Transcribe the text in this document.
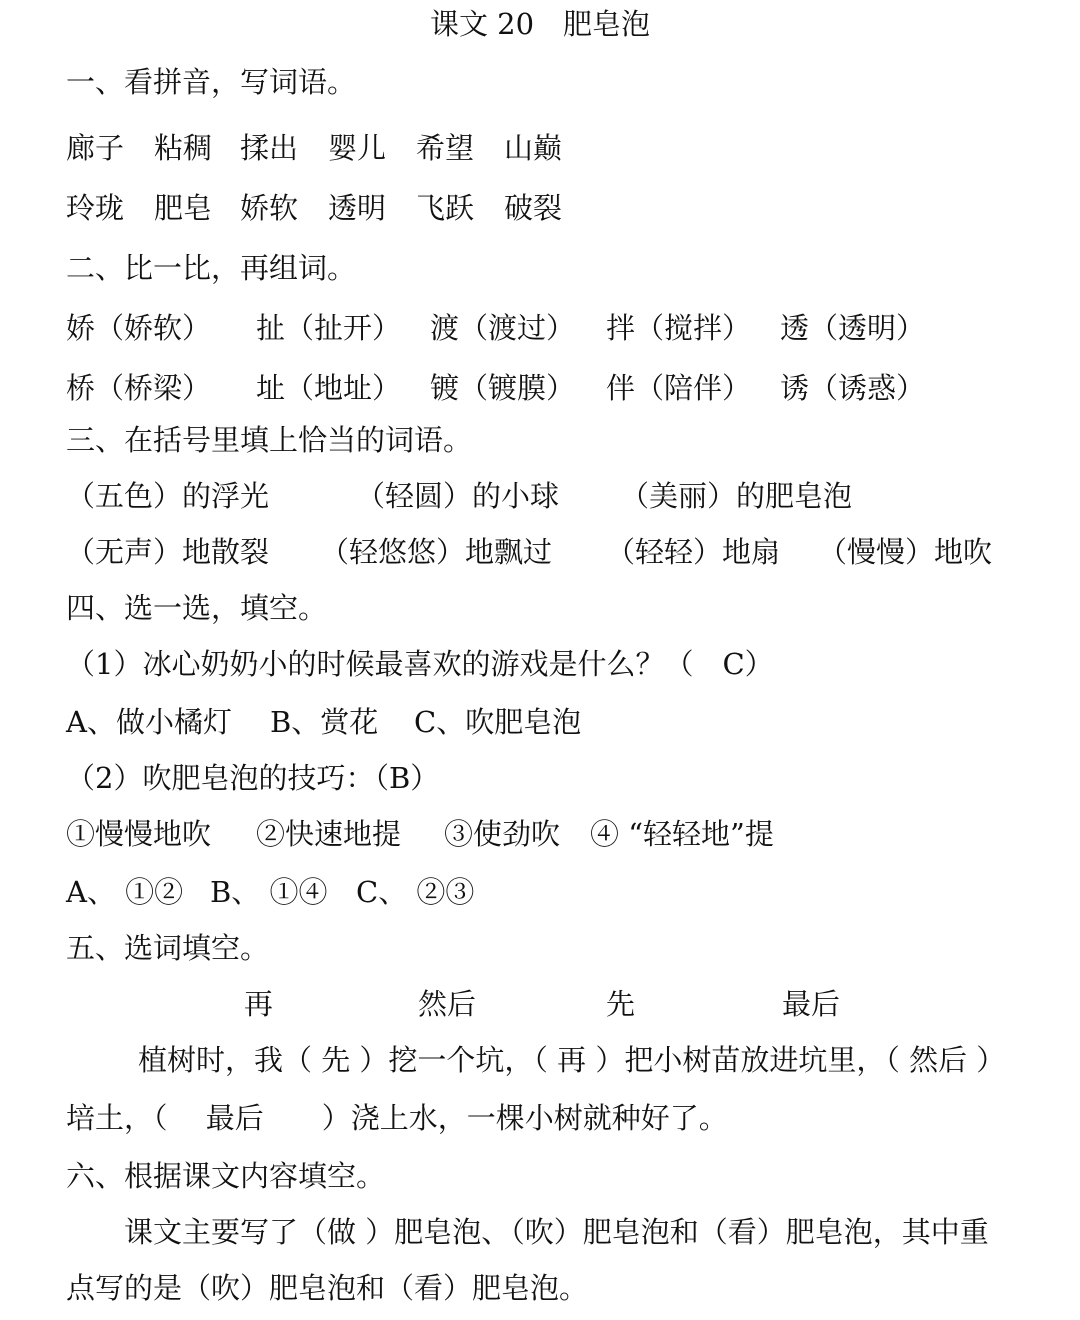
课文 20　肥皂泡
一、看拼音，写词语。
廊子 粘稠 揉出 婴儿 希望 山巅
玲珑 肥皂 娇软 透明 飞跃 破裂
二、比一比，再组词。
娇（娇软） 扯（扯开） 渡（渡过） 拌（搅拌） 透（透明）
桥（桥梁） 址（地址） 镀（镀膜） 伴（陪伴） 诱（诱惑）
三、在括号里填上恰当的词语。
（五色）的浮光	（轻圆）的小球 （美丽）的肥皂泡
（无声）地散裂 （轻悠悠）地飘过 （轻轻）地扇 （慢慢）地吹
四、选一选，填空。
（1）冰心奶奶小的时候最喜欢的游戏是什么？（　C）
A、做小橘灯 B、赏花 C、吹肥皂泡
（2）吹肥皂泡的技巧：（B）
①慢慢地吹 ②快速地提 ③使劲吹 ④ “轻轻地”提
A、 ①② B、 ①④ C、 ②③
五、选词填空。
再	然后	先	最后
植树时，我（ 先 ）挖一个坑，（ 再 ）把小树苗放进坑里，（ 然后 ）
培土，（　 最后　　）浇上水，一棵小树就种好了。
六、根据课文内容填空。
课文主要写了（做 ）肥皂泡、（吹）肥皂泡和（看）肥皂泡，其中重
点写的是（吹）肥皂泡和（看）肥皂泡。
